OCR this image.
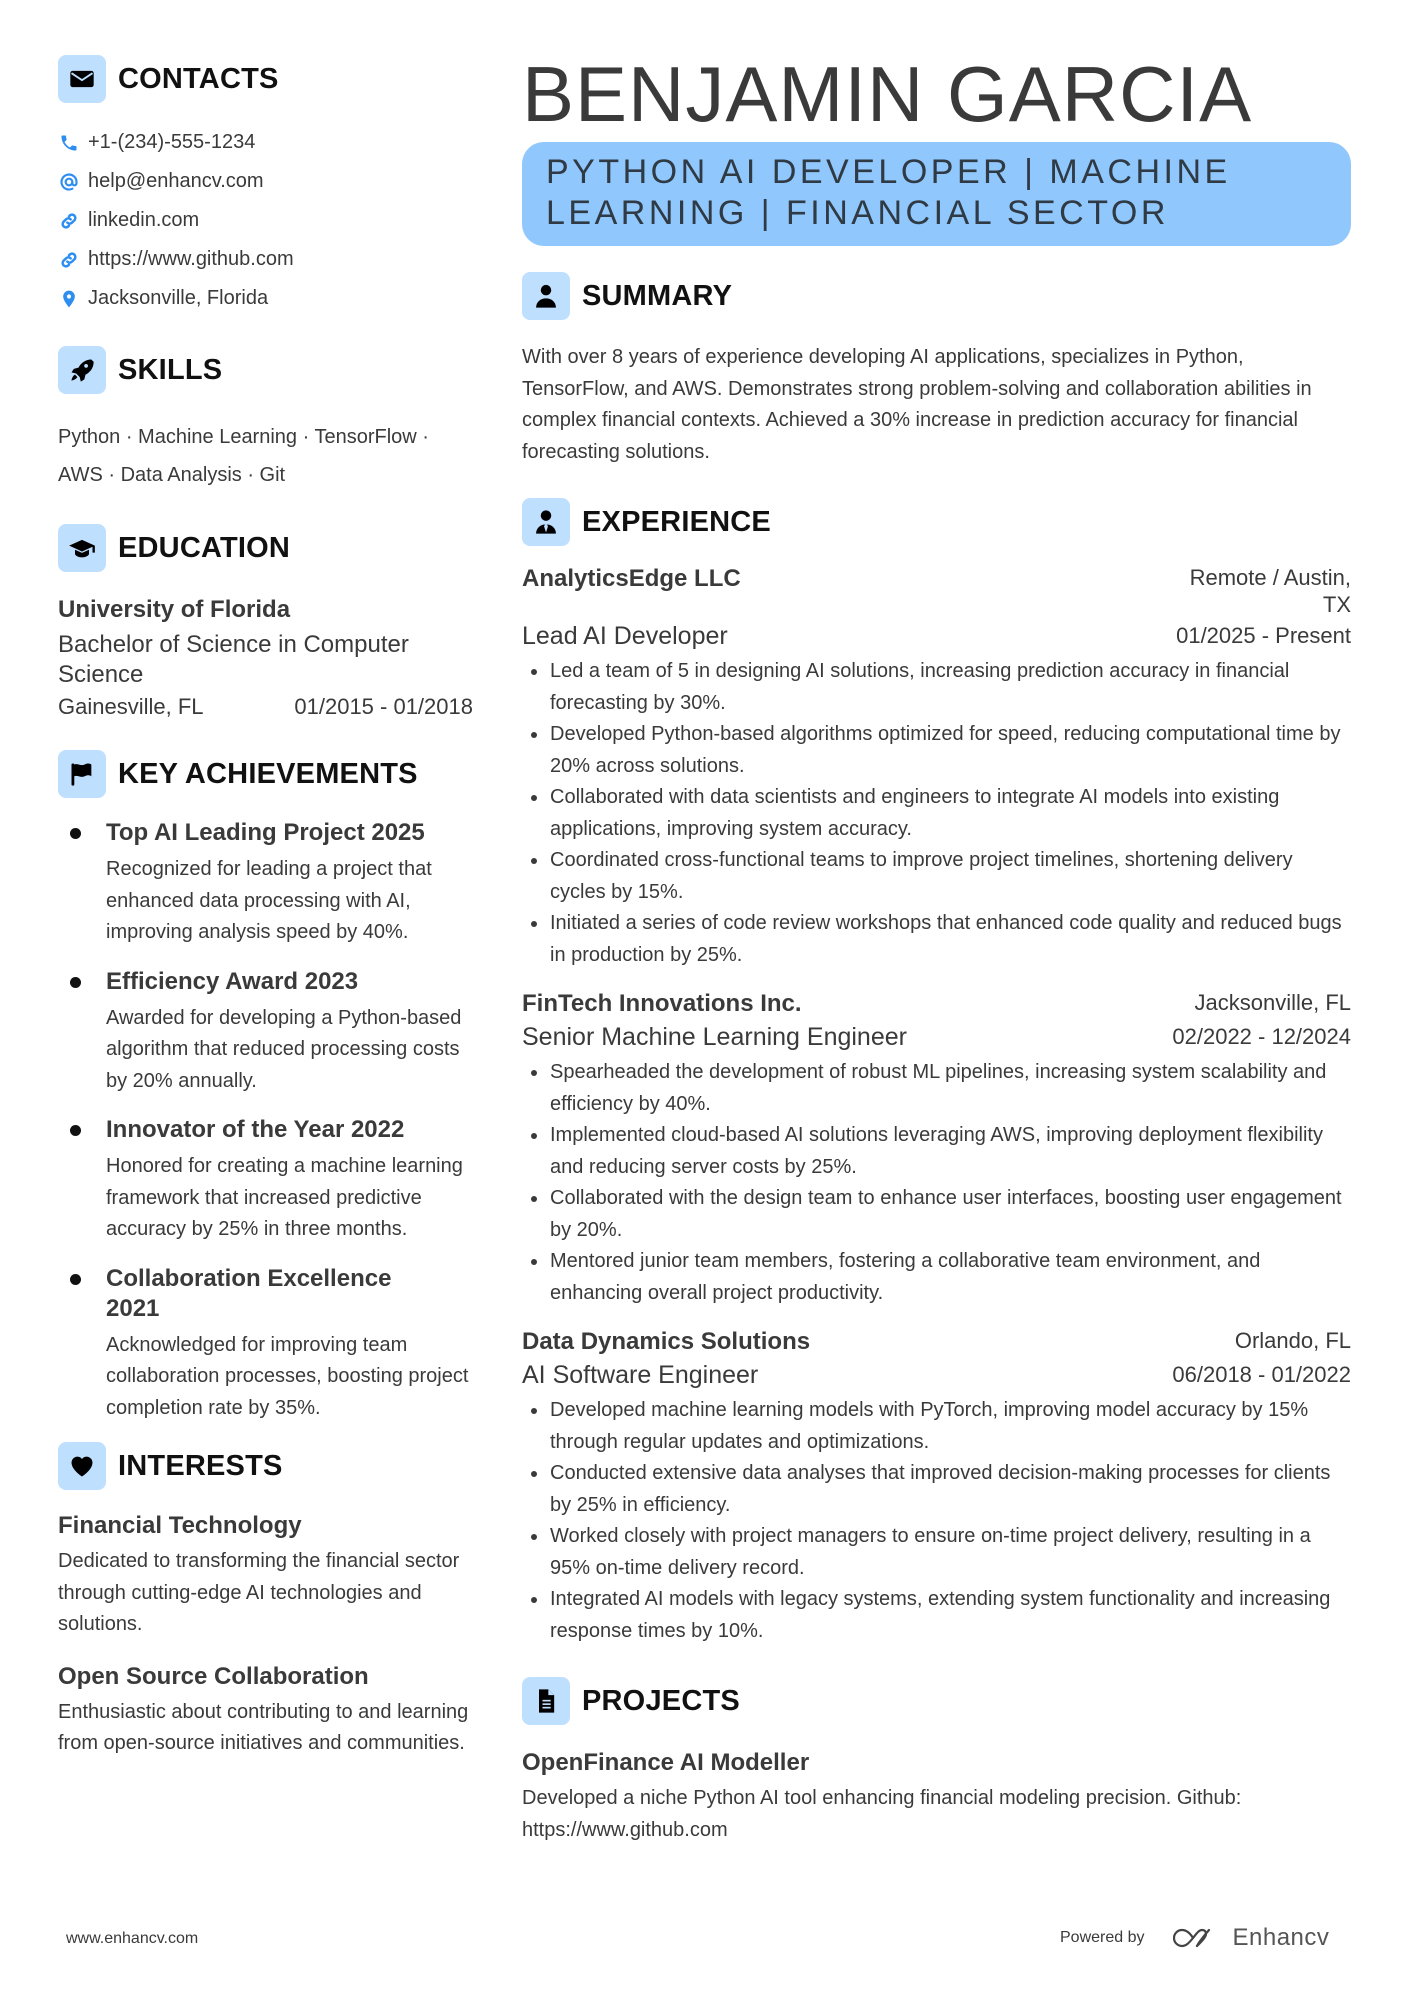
CONTACTS
+1-(234)-555-1234
help@enhancv.com
linkedin.com
https://www.github.com
Jacksonville, Florida
SKILLS
Python · Machine Learning · TensorFlow · AWS · Data Analysis · Git
EDUCATION
University of Florida
Bachelor of Science in Computer Science
Gainesville, FL	01/2015 - 01/2018
KEY ACHIEVEMENTS
Top AI Leading Project 2025
Recognized for leading a project that enhanced data processing with AI, improving analysis speed by 40%.
Efficiency Award 2023
Awarded for developing a Python-based algorithm that reduced processing costs by 20% annually.
Innovator of the Year 2022
Honored for creating a machine learning framework that increased predictive accuracy by 25% in three months.
Collaboration Excellence 2021
Acknowledged for improving team collaboration processes, boosting project completion rate by 35%.
INTERESTS
Financial Technology
Dedicated to transforming the financial sector through cutting-edge AI technologies and solutions.
Open Source Collaboration
Enthusiastic about contributing to and learning from open-source initiatives and communities.
BENJAMIN GARCIA
PYTHON AI DEVELOPER | MACHINE
LEARNING | FINANCIAL SECTOR
SUMMARY
With over 8 years of experience developing AI applications, specializes in Python, TensorFlow, and AWS. Demonstrates strong problem-solving and collaboration abilities in complex financial contexts. Achieved a 30% increase in prediction accuracy for financial forecasting solutions.
EXPERIENCE
AnalyticsEdge LLC	Remote / Austin, TX
Lead AI Developer	01/2025 - Present
Led a team of 5 in designing AI solutions, increasing prediction accuracy in financial forecasting by 30%.
Developed Python-based algorithms optimized for speed, reducing computational time by 20% across solutions.
Collaborated with data scientists and engineers to integrate AI models into existing applications, improving system accuracy.
Coordinated cross-functional teams to improve project timelines, shortening delivery cycles by 15%.
Initiated a series of code review workshops that enhanced code quality and reduced bugs in production by 25%.
FinTech Innovations Inc.	Jacksonville, FL
Senior Machine Learning Engineer	02/2022 - 12/2024
Spearheaded the development of robust ML pipelines, increasing system scalability and efficiency by 40%.
Implemented cloud-based AI solutions leveraging AWS, improving deployment flexibility and reducing server costs by 25%.
Collaborated with the design team to enhance user interfaces, boosting user engagement by 20%.
Mentored junior team members, fostering a collaborative team environment, and enhancing overall project productivity.
Data Dynamics Solutions	Orlando, FL
AI Software Engineer	06/2018 - 01/2022
Developed machine learning models with PyTorch, improving model accuracy by 15% through regular updates and optimizations.
Conducted extensive data analyses that improved decision-making processes for clients by 25% in efficiency.
Worked closely with project managers to ensure on-time project delivery, resulting in a 95% on-time delivery record.
Integrated AI models with legacy systems, extending system functionality and increasing response times by 10%.
PROJECTS
OpenFinance AI Modeller
Developed a niche Python AI tool enhancing financial modeling precision. Github: https://www.github.com
www.enhancv.com	Powered by	Enhancv
